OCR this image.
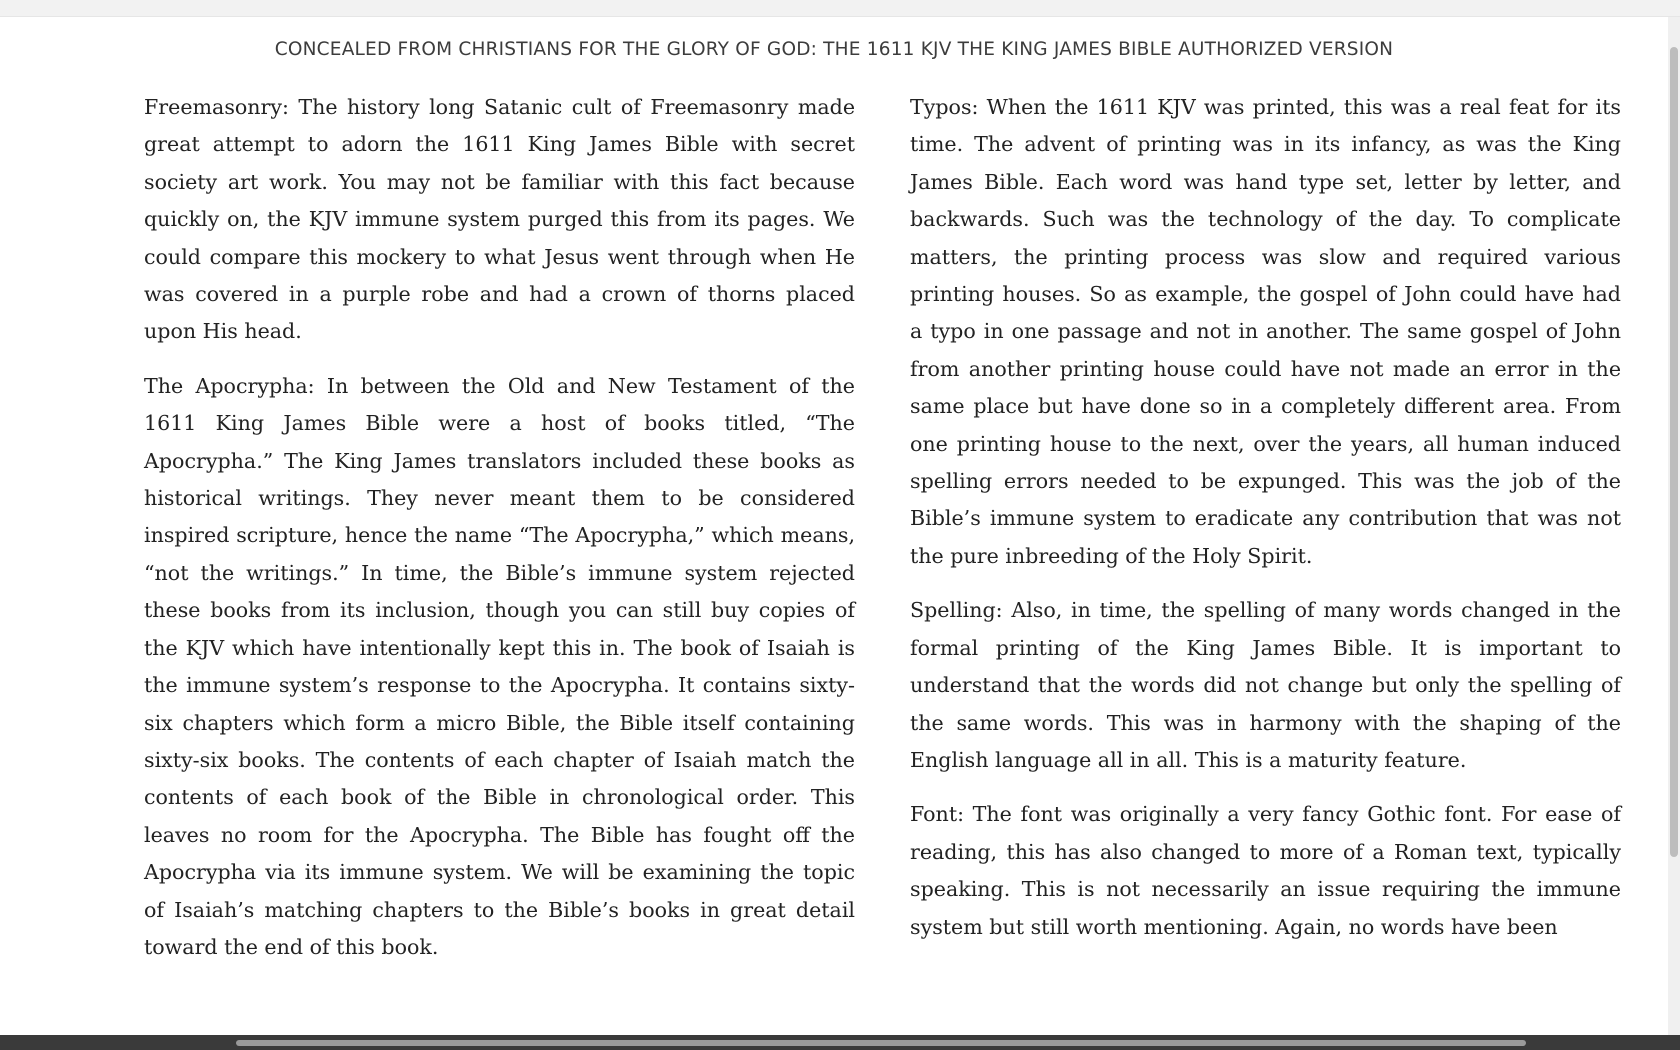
CONCEALED FROM CHRISTIANS FOR THE GLORY OF GOD: THE 1611 KJV THE KING JAMES BIBLE AUTHORIZED VERSION

Freemasonry: The history long Satanic cult of Freemasonry made great attempt to adorn the 1611 King James Bible with secret society art work. You may not be familiar with this fact because quickly on, the KJV immune system purged this from its pages. We could compare this mockery to what Jesus went through when He was covered in a purple robe and had a crown of thorns placed upon His head.

The Apocrypha: In between the Old and New Testament of the 1611 King James Bible were a host of books titled, “The Apocrypha.” The King James translators included these books as historical writings. They never meant them to be considered inspired scripture, hence the name “The Apocrypha,” which means, “not the writings.” In time, the Bible’s immune system rejected these books from its inclusion, though you can still buy copies of the KJV which have intentionally kept this in. The book of Isaiah is the immune system’s response to the Apocrypha. It contains sixty-six chapters which form a micro Bible, the Bible itself containing sixty-six books. The contents of each chapter of Isaiah match the contents of each book of the Bible in chronological order. This leaves no room for the Apocrypha. The Bible has fought off the Apocrypha via its immune system. We will be examining the topic of Isaiah’s matching chapters to the Bible’s books in great detail toward the end of this book.

Typos: When the 1611 KJV was printed, this was a real feat for its time. The advent of printing was in its infancy, as was the King James Bible. Each word was hand type set, letter by letter, and backwards. Such was the technology of the day. To complicate matters, the printing process was slow and required various printing houses. So as example, the gospel of John could have had a typo in one passage and not in another. The same gospel of John from another printing house could have not made an error in the same place but have done so in a completely different area. From one printing house to the next, over the years, all human induced spelling errors needed to be expunged. This was the job of the Bible’s immune system to eradicate any contribution that was not the pure inbreeding of the Holy Spirit.

Spelling: Also, in time, the spelling of many words changed in the formal printing of the King James Bible. It is important to understand that the words did not change but only the spelling of the same words. This was in harmony with the shaping of the English language all in all. This is a maturity feature.

Font: The font was originally a very fancy Gothic font. For ease of reading, this has also changed to more of a Roman text, typically speaking. This is not necessarily an issue requiring the immune system but still worth mentioning. Again, no words have been
